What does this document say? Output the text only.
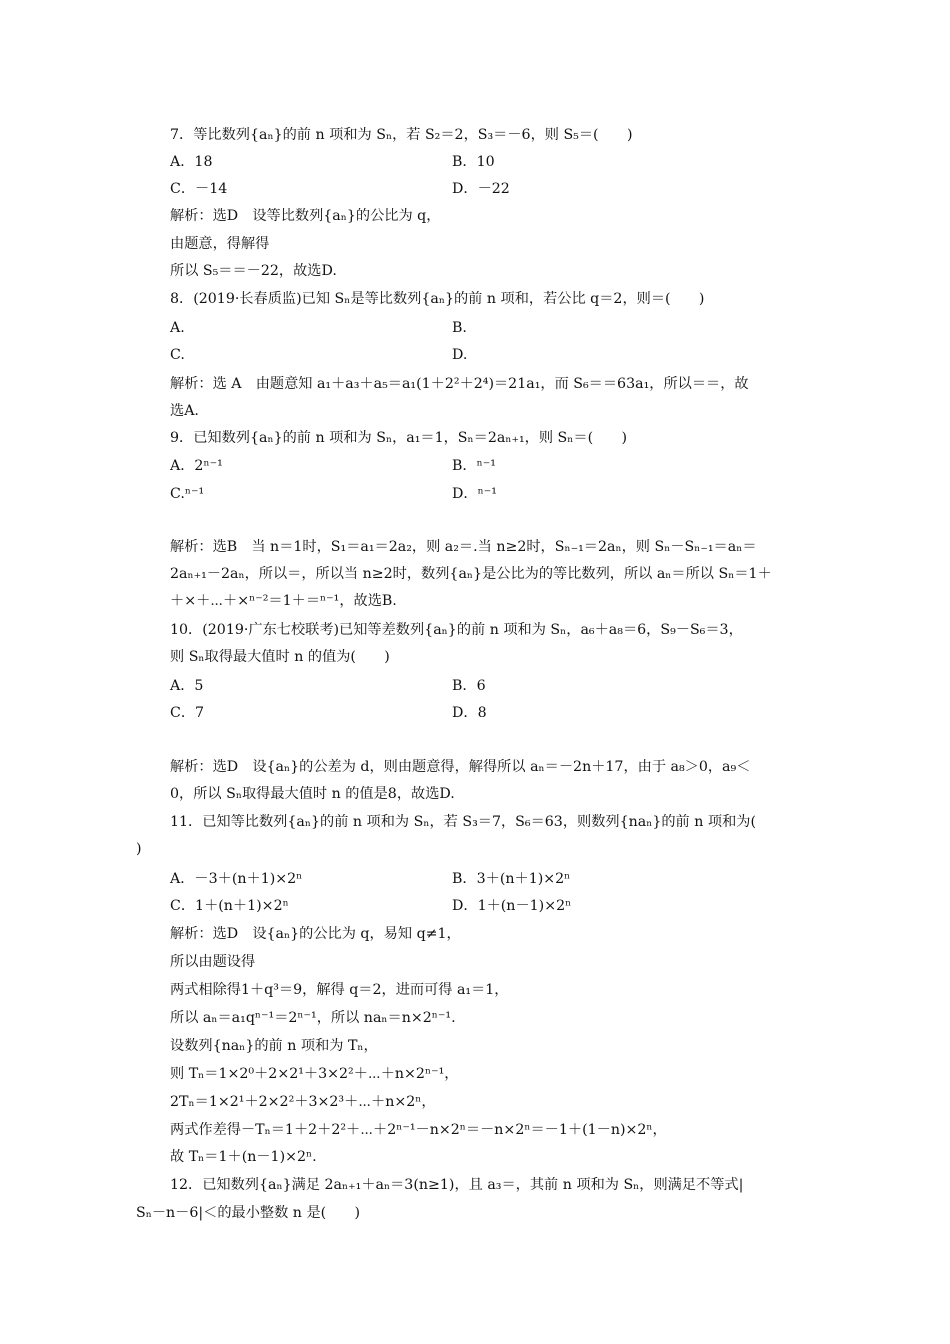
7．等比数列{aₙ}的前 n 项和为 Sₙ，若 S₂＝2，S₃＝－6，则 S₅＝(　　)
A．18	B．10
C．－14	D．－22
解析：选D　设等比数列{aₙ}的公比为 q，
由题意，得解得
所以 S₅＝＝－22，故选D.
8．(2019·长春质监)已知 Sₙ是等比数列{aₙ}的前 n 项和，若公比 q＝2，则＝(　　)
A.	B.
C.	D.
解析：选 A　由题意知 a₁＋a₃＋a₅＝a₁(1＋2²＋2⁴)＝21a₁，而 S₆＝＝63a₁，所以＝＝，故
选A.
9．已知数列{aₙ}的前 n 项和为 Sₙ，a₁＝1，Sₙ＝2aₙ₊₁，则 Sₙ＝(　　)
A．2ⁿ⁻¹	B．ⁿ⁻¹
C.ⁿ⁻¹	D．ⁿ⁻¹
解析：选B　当 n＝1时，S₁＝a₁＝2a₂，则 a₂＝.当 n≥2时，Sₙ₋₁＝2aₙ，则 Sₙ－Sₙ₋₁＝aₙ＝
2aₙ₊₁－2aₙ，所以＝，所以当 n≥2时，数列{aₙ}是公比为的等比数列，所以 aₙ＝所以 Sₙ＝1＋
＋×＋⋯＋×ⁿ⁻²＝1＋＝ⁿ⁻¹，故选B.
10．(2019·广东七校联考)已知等差数列{aₙ}的前 n 项和为 Sₙ，a₆＋a₈＝6，S₉－S₆＝3，
则 Sₙ取得最大值时 n 的值为(　　)
A．5	B．6
C．7	D．8
解析：选D　设{aₙ}的公差为 d，则由题意得，解得所以 aₙ＝－2n＋17，由于 a₈＞0，a₉＜
0，所以 Sₙ取得最大值时 n 的值是8，故选D.
11．已知等比数列{aₙ}的前 n 项和为 Sₙ，若 S₃＝7，S₆＝63，则数列{naₙ}的前 n 项和为(
)
A．－3＋(n＋1)×2ⁿ	B．3＋(n＋1)×2ⁿ
C．1＋(n＋1)×2ⁿ	D．1＋(n－1)×2ⁿ
解析：选D　设{aₙ}的公比为 q，易知 q≠1，
所以由题设得
两式相除得1＋q³＝9，解得 q＝2，进而可得 a₁＝1，
所以 aₙ＝a₁qⁿ⁻¹＝2ⁿ⁻¹，所以 naₙ＝n×2ⁿ⁻¹.
设数列{naₙ}的前 n 项和为 Tₙ，
则 Tₙ＝1×2⁰＋2×2¹＋3×2²＋⋯＋n×2ⁿ⁻¹，
2Tₙ＝1×2¹＋2×2²＋3×2³＋⋯＋n×2ⁿ，
两式作差得－Tₙ＝1＋2＋2²＋⋯＋2ⁿ⁻¹－n×2ⁿ＝－n×2ⁿ＝－1＋(1－n)×2ⁿ，
故 Tₙ＝1＋(n－1)×2ⁿ.
12．已知数列{aₙ}满足 2aₙ₊₁＋aₙ＝3(n≥1)，且 a₃＝，其前 n 项和为 Sₙ，则满足不等式|
Sₙ－n－6|＜的最小整数 n 是(　　)
